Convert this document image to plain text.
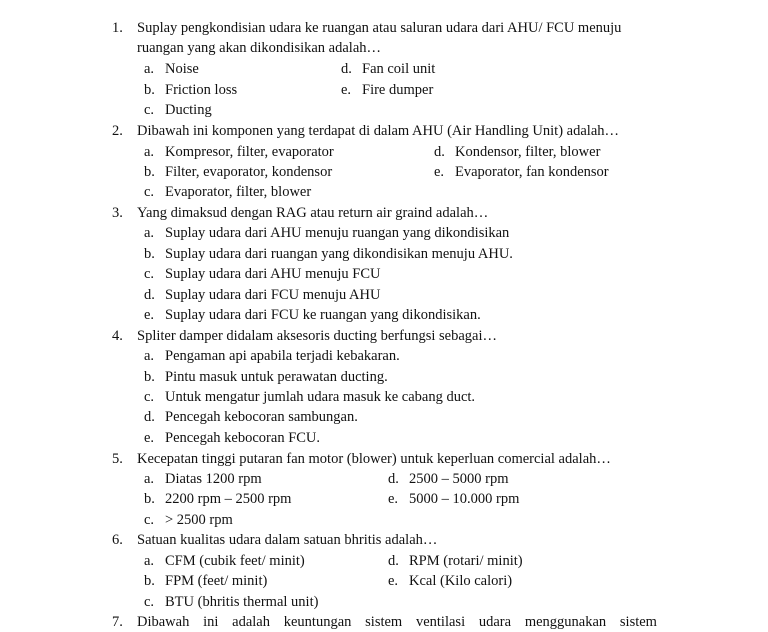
1. Suplay pengkondisian udara ke ruangan atau saluran udara dari AHU/ FCU menuju
ruangan yang akan dikondisikan adalah…
a. Noise
b. Friction loss
c. Ducting
d. Fan coil unit
e. Fire dumper
2. Dibawah ini komponen yang terdapat di dalam AHU (Air Handling Unit) adalah…
a. Kompresor, filter, evaporator
b. Filter, evaporator, kondensor
c. Evaporator, filter, blower
d. Kondensor, filter, blower
e. Evaporator, fan kondensor
3. Yang dimaksud dengan RAG atau return air graind adalah…
a. Suplay udara dari AHU menuju ruangan yang dikondisikan
b. Suplay udara dari ruangan yang dikondisikan menuju AHU.
c. Suplay udara dari AHU menuju FCU
d. Suplay udara dari FCU menuju AHU
e. Suplay udara dari FCU ke ruangan yang dikondisikan.
4. Spliter damper didalam aksesoris ducting berfungsi sebagai…
a. Pengaman api apabila terjadi kebakaran.
b. Pintu masuk untuk perawatan ducting.
c. Untuk mengatur jumlah udara masuk ke cabang duct.
d. Pencegah kebocoran sambungan.
e. Pencegah kebocoran FCU.
5. Kecepatan tinggi putaran fan motor (blower) untuk keperluan comercial adalah…
a. Diatas 1200 rpm
b. 2200 rpm – 2500 rpm
c. > 2500 rpm
d. 2500 – 5000 rpm
e. 5000 – 10.000 rpm
6. Satuan kualitas udara dalam satuan bhritis adalah…
a. CFM (cubik feet/ minit)
b. FPM (feet/ minit)
c. BTU (bhritis thermal unit)
d. RPM (rotari/ minit)
e. Kcal (Kilo calori)
7. Dibawah ini adalah keuntungan sistem ventilasi udara menggunakan sistem
